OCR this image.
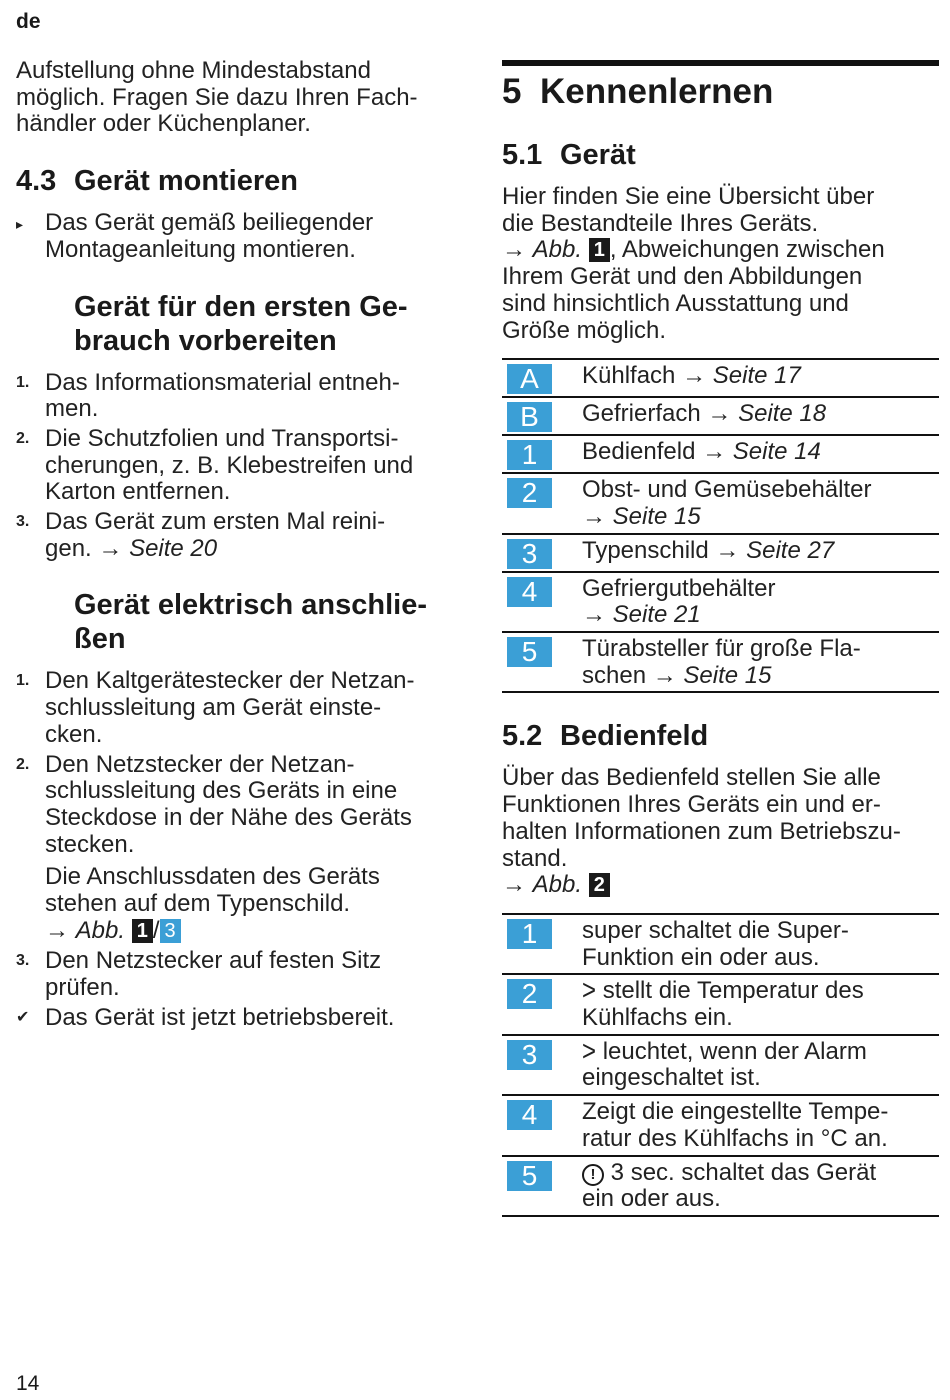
de

Aufstellung ohne Mindestabstand
möglich. Fragen Sie dazu Ihren Fach-
händler oder Küchenplaner.

4.3 Gerät montieren
▸ Das Gerät gemäß beiliegender
Montageanleitung montieren.
Gerät für den ersten Ge-
brauch vorbereiten
1. Das Informationsmaterial entneh-
men.
2. Die Schutzfolien und Transportsi-
cherungen, z. B. Klebestreifen und
Karton entfernen.
3. Das Gerät zum ersten Mal reini-
gen. → Seite 20
Gerät elektrisch anschlie-
ßen
1. Den Kaltgerätestecker der Netzan-
schlussleitung am Gerät einste-
cken.
2. Den Netzstecker der Netzan-
schlussleitung des Geräts in eine
Steckdose in der Nähe des Geräts
stecken.
Die Anschlussdaten des Geräts
stehen auf dem Typenschild.
→ Abb. 1 / 3
3. Den Netzstecker auf festen Sitz
prüfen.
✔ Das Gerät ist jetzt betriebsbereit.
5 Kennenlernen
5.1 Gerät

Hier finden Sie eine Übersicht über
die Bestandteile Ihres Geräts.
→ Abb. 1 , Abweichungen zwischen
Ihrem Gerät und den Abbildungen
sind hinsichtlich Ausstattung und
Größe möglich.

A	Kühlfach → Seite 17

B	Gefrierfach → Seite 18

1	Bedienfeld → Seite 14

2	Obst- und Gemüsebehälter
→ Seite 15

3	Typenschild → Seite 27

4	Gefriergutbehälter
→ Seite 21

5	Türabsteller für große Fla-
schen → Seite 15
5.2 Bedienfeld

Über das Bedienfeld stellen Sie alle
Funktionen Ihres Geräts ein und er-
halten Informationen zum Betriebszu-
stand.
→ Abb. 2

1	super schaltet die Super-
Funktion ein oder aus.

2	> stellt die Temperatur des
Kühlfachs ein.

3	> leuchtet, wenn der Alarm
eingeschaltet ist.

4	Zeigt die eingestellte Tempe-
ratur des Kühlfachs in °C an.

5	! 3 sec. schaltet das Gerät
ein oder aus.
14
